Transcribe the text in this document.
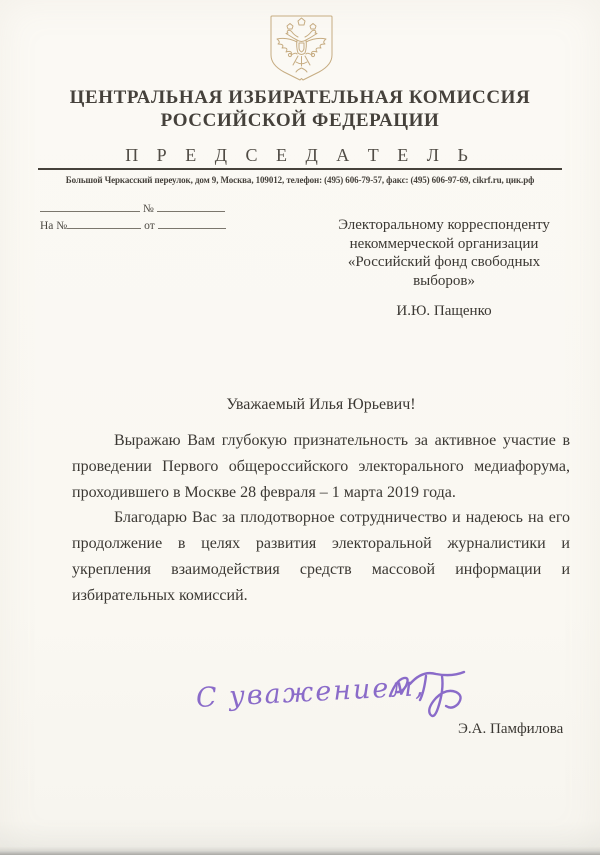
ЦЕНТРАЛЬНАЯ ИЗБИРАТЕЛЬНАЯ КОМИССИЯ
РОССИЙСКОЙ ФЕДЕРАЦИИ
П Р Е Д С Е Д А Т Е Л Ь
Большой Черкасский переулок, дом 9, Москва, 109012, телефон: (495) 606-79-57, факс: (495) 606-97-69, cikrf.ru, цик.рф
№
На №	от	Электоральному корреспонденту
некоммерческой организации
«Российский фонд свободных
выборов»
И.Ю. Пащенко
Уважаемый Илья Юрьевич!

Выражаю Вам глубокую признательность за активное участие в проведении Первого общероссийского электорального медиафорума, проходившего в Москве 28 февраля – 1 марта 2019 года.

Благодарю Вас за плодотворное сотрудничество и надеюсь на его продолжение в целях развития электоральной журналистики и укрепления взаимодействия средств массовой информации и избирательных комиссий.

С уважением,
Э.А. Памфилова
